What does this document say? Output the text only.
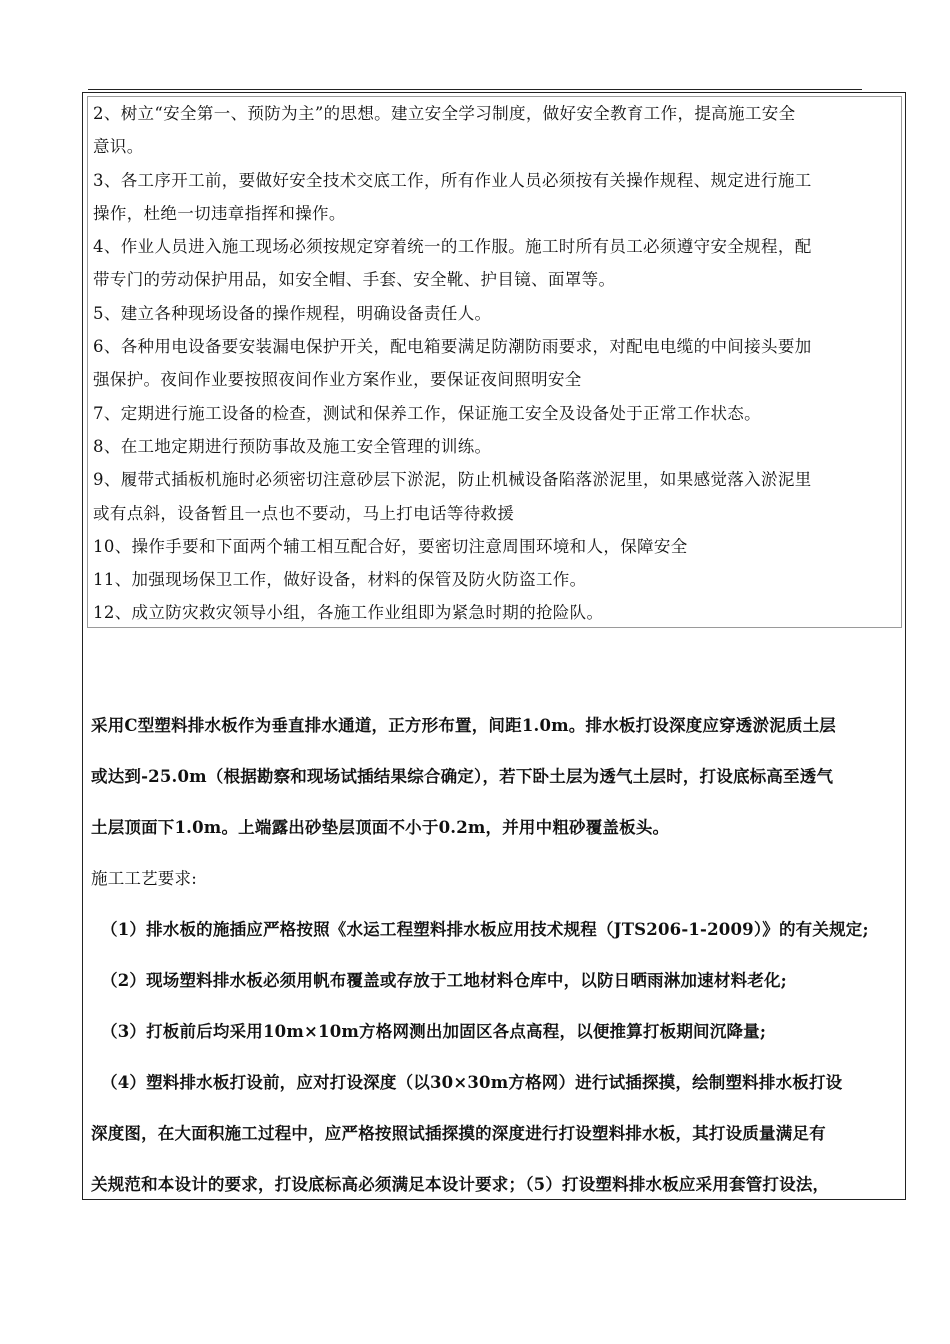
2、树立“安全第一、预防为主”的思想。建立安全学习制度，做好安全教育工作，提高施工安全
意识。
3、各工序开工前，要做好安全技术交底工作，所有作业人员必须按有关操作规程、规定进行施工
操作，杜绝一切违章指挥和操作。
4、作业人员进入施工现场必须按规定穿着统一的工作服。施工时所有员工必须遵守安全规程，配
带专门的劳动保护用品，如安全帽、手套、安全靴、护目镜、面罩等。
5、建立各种现场设备的操作规程，明确设备责任人。
6、各种用电设备要安装漏电保护开关，配电箱要满足防潮防雨要求，对配电电缆的中间接头要加
强保护。夜间作业要按照夜间作业方案作业，要保证夜间照明安全
7、定期进行施工设备的检查，测试和保养工作，保证施工安全及设备处于正常工作状态。
8、在工地定期进行预防事故及施工安全管理的训练。
9、履带式插板机施时必须密切注意砂层下淤泥，防止机械设备陷落淤泥里，如果感觉落入淤泥里
或有点斜，设备暂且一点也不要动，马上打电话等待救援
10、操作手要和下面两个辅工相互配合好，要密切注意周围环境和人，保障安全
11、加强现场保卫工作，做好设备，材料的保管及防火防盗工作。
12、成立防灾救灾领导小组，各施工作业组即为紧急时期的抢险队。
采用C型塑料排水板作为垂直排水通道，正方形布置，间距1.0m。排水板打设深度应穿透淤泥质土层
或达到-25.0m（根据勘察和现场试插结果综合确定），若下卧土层为透气土层时，打设底标高至透气
土层顶面下1.0m。上端露出砂垫层顶面不小于0.2m，并用中粗砂覆盖板头。
施工工艺要求:
（1）排水板的施插应严格按照《水运工程塑料排水板应用技术规程（JTS206-1-2009）》的有关规定;
（2）现场塑料排水板必须用帆布覆盖或存放于工地材料仓库中，以防日晒雨淋加速材料老化;
（3）打板前后均采用10m×10m方格网测出加固区各点高程，以便推算打板期间沉降量;
（4）塑料排水板打设前，应对打设深度（以30×30m方格网）进行试插探摸，绘制塑料排水板打设
深度图，在大面积施工过程中，应严格按照试插探摸的深度进行打设塑料排水板，其打设质量满足有
关规范和本设计的要求，打设底标高必须满足本设计要求；（5）打设塑料排水板应采用套管打设法，
